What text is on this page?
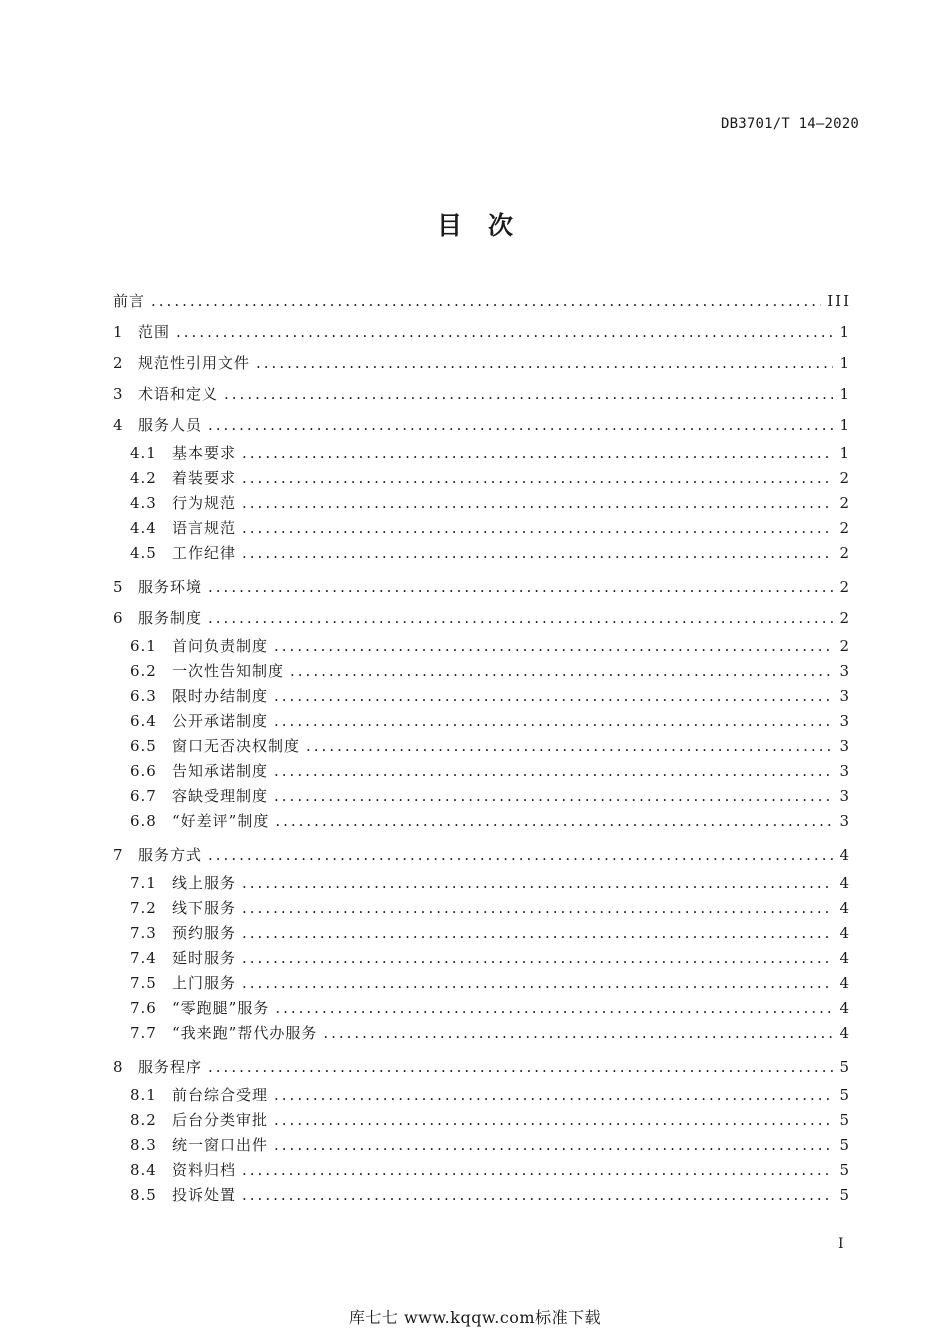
DB3701/T 14—2020
目次
前言 .....	III
1	范围 .....	1
2	规范性引用文件 .....	1
3	术语和定义 .....	1
4	服务人员 .....	1
4.1	基本要求 .....	1
4.2	着装要求 .....	2
4.3	行为规范 .....	2
4.4	语言规范 .....	2
4.5	工作纪律 .....	2
5	服务环境 .....	2
6	服务制度 .....	2
6.1	首问负责制度 .....	2
6.2	一次性告知制度 .....	3
6.3	限时办结制度 .....	3
6.4	公开承诺制度 .....	3
6.5	窗口无否决权制度 .....	3
6.6	告知承诺制度 .....	3
6.7	容缺受理制度 .....	3
6.8	“好差评”制度 .....	3
7	服务方式 .....	4
7.1	线上服务 .....	4
7.2	线下服务 .....	4
7.3	预约服务 .....	4
7.4	延时服务 .....	4
7.5	上门服务 .....	4
7.6	“零跑腿”服务 .....	4
7.7	“我来跑”帮代办服务 .....	4
8	服务程序 .....	5
8.1	前台综合受理 .....	5
8.2	后台分类审批 .....	5
8.3	统一窗口出件 .....	5
8.4	资料归档 .....	5
8.5	投诉处置 .....	5
I
库七七 www.kqqw.com标准下载
